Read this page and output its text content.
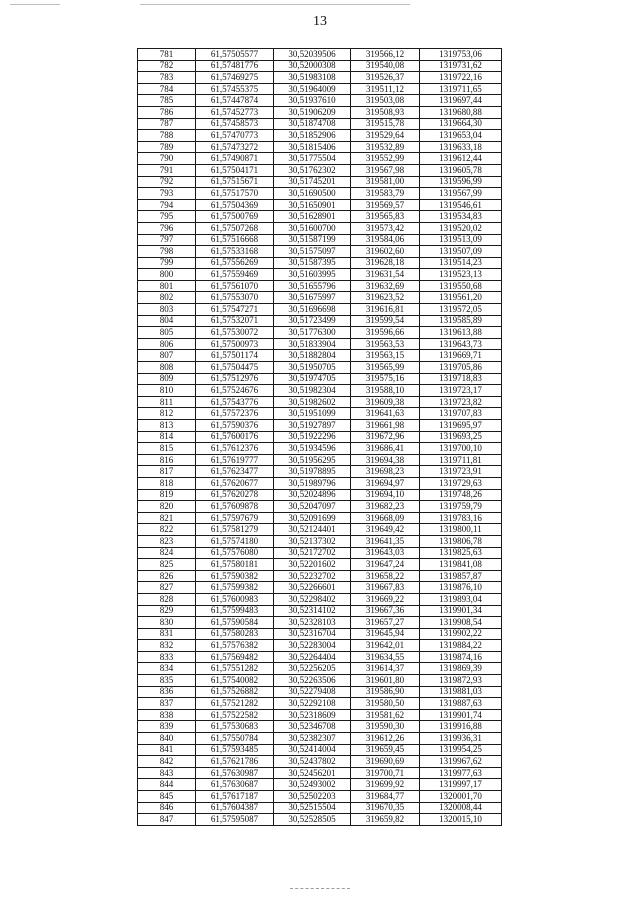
13
781	61,57505577	30,52039506	319566,12	1319753,06
782	61,57481776	30,52000308	319540,08	1319731,62
783	61,57469275	30,51983108	319526,37	1319722,16
784	61,57455375	30,51964009	319511,12	1319711,65
785	61,57447874	30,51937610	319503,08	1319697,44
786	61,57452773	30,51906209	319508,93	1319680,88
787	61,57458573	30,51874708	319515,78	1319664,30
788	61,57470773	30,51852906	319529,64	1319653,04
789	61,57473272	30,51815406	319532,89	1319633,18
790	61,57490871	30,51775504	319552,99	1319612,44
791	61,57504171	30,51762302	319567,98	1319605,78
792	61,57515671	30,51745201	319581,00	1319596,99
793	61,57517570	30,51690500	319583,79	1319567,99
794	61,57504369	30,51650901	319569,57	1319546,61
795	61,57500769	30,51628901	319565,83	1319534,83
796	61,57507268	30,51600700	319573,42	1319520,02
797	61,57516668	30,51587199	319584,06	1319513,09
798	61,57533168	30,51575097	319602,60	1319507,09
799	61,57556269	30,51587395	319628,18	1319514,23
800	61,57559469	30,51603995	319631,54	1319523,13
801	61,57561070	30,51655796	319632,69	1319550,68
802	61,57553070	30,51675997	319623,52	1319561,20
803	61,57547271	30,51696698	319616,81	1319572,05
804	61,57532071	30,51723499	319599,54	1319585,89
805	61,57530072	30,51776300	319596,66	1319613,88
806	61,57500973	30,51833904	319563,53	1319643,73
807	61,57501174	30,51882804	319563,15	1319669,71
808	61,57504475	30,51950705	319565,99	1319705,86
809	61,57512976	30,51974705	319575,16	1319718,83
810	61,57524676	30,51982304	319588,10	1319723,17
811	61,57543776	30,51982602	319609,38	1319723,82
812	61,57572376	30,51951099	319641,63	1319707,83
813	61,57590376	30,51927897	319661,98	1319695,97
814	61,57600176	30,51922296	319672,96	1319693,25
815	61,57612376	30,51934596	319686,41	1319700,10
816	61,57619777	30,51956295	319694,38	1319711,81
817	61,57623477	30,51978895	319698,23	1319723,91
818	61,57620677	30,51989796	319694,97	1319729,63
819	61,57620278	30,52024896	319694,10	1319748,26
820	61,57609878	30,52047097	319682,23	1319759,79
821	61,57597679	30,52091699	319668,09	1319783,16
822	61,57581279	30,52124401	319649,42	1319800,11
823	61,57574180	30,52137302	319641,35	1319806,78
824	61,57576080	30,52172702	319643,03	1319825,63
825	61,57580181	30,52201602	319647,24	1319841,08
826	61,57590382	30,52232702	319658,22	1319857,87
827	61,57599382	30,52266601	319667,83	1319876,10
828	61,57600983	30,52298402	319669,22	1319893,04
829	61,57599483	30,52314102	319667,36	1319901,34
830	61,57590584	30,52328103	319657,27	1319908,54
831	61,57580283	30,52316704	319645,94	1319902,22
832	61,57576382	30,52283004	319642,01	1319884,22
833	61,57569482	30,52264404	319634,55	1319874,16
834	61,57551282	30,52256205	319614,37	1319869,39
835	61,57540082	30,52263506	319601,80	1319872,93
836	61,57526882	30,52279408	319586,90	1319881,03
837	61,57521282	30,52292108	319580,50	1319887,63
838	61,57522582	30,52318609	319581,62	1319901,74
839	61,57530683	30,52346708	319590,30	1319916,88
840	61,57550784	30,52382307	319612,26	1319936,31
841	61,57593485	30,52414004	319659,45	1319954,25
842	61,57621786	30,52437802	319690,69	1319967,62
843	61,57630987	30,52456201	319700,71	1319977,63
844	61,57630687	30,52493002	319699,92	1319997,17
845	61,57617187	30,52502203	319684,77	1320001,70
846	61,57604387	30,52515504	319670,35	1320008,44
847	61,57595087	30,52528505	319659,82	1320015,10
